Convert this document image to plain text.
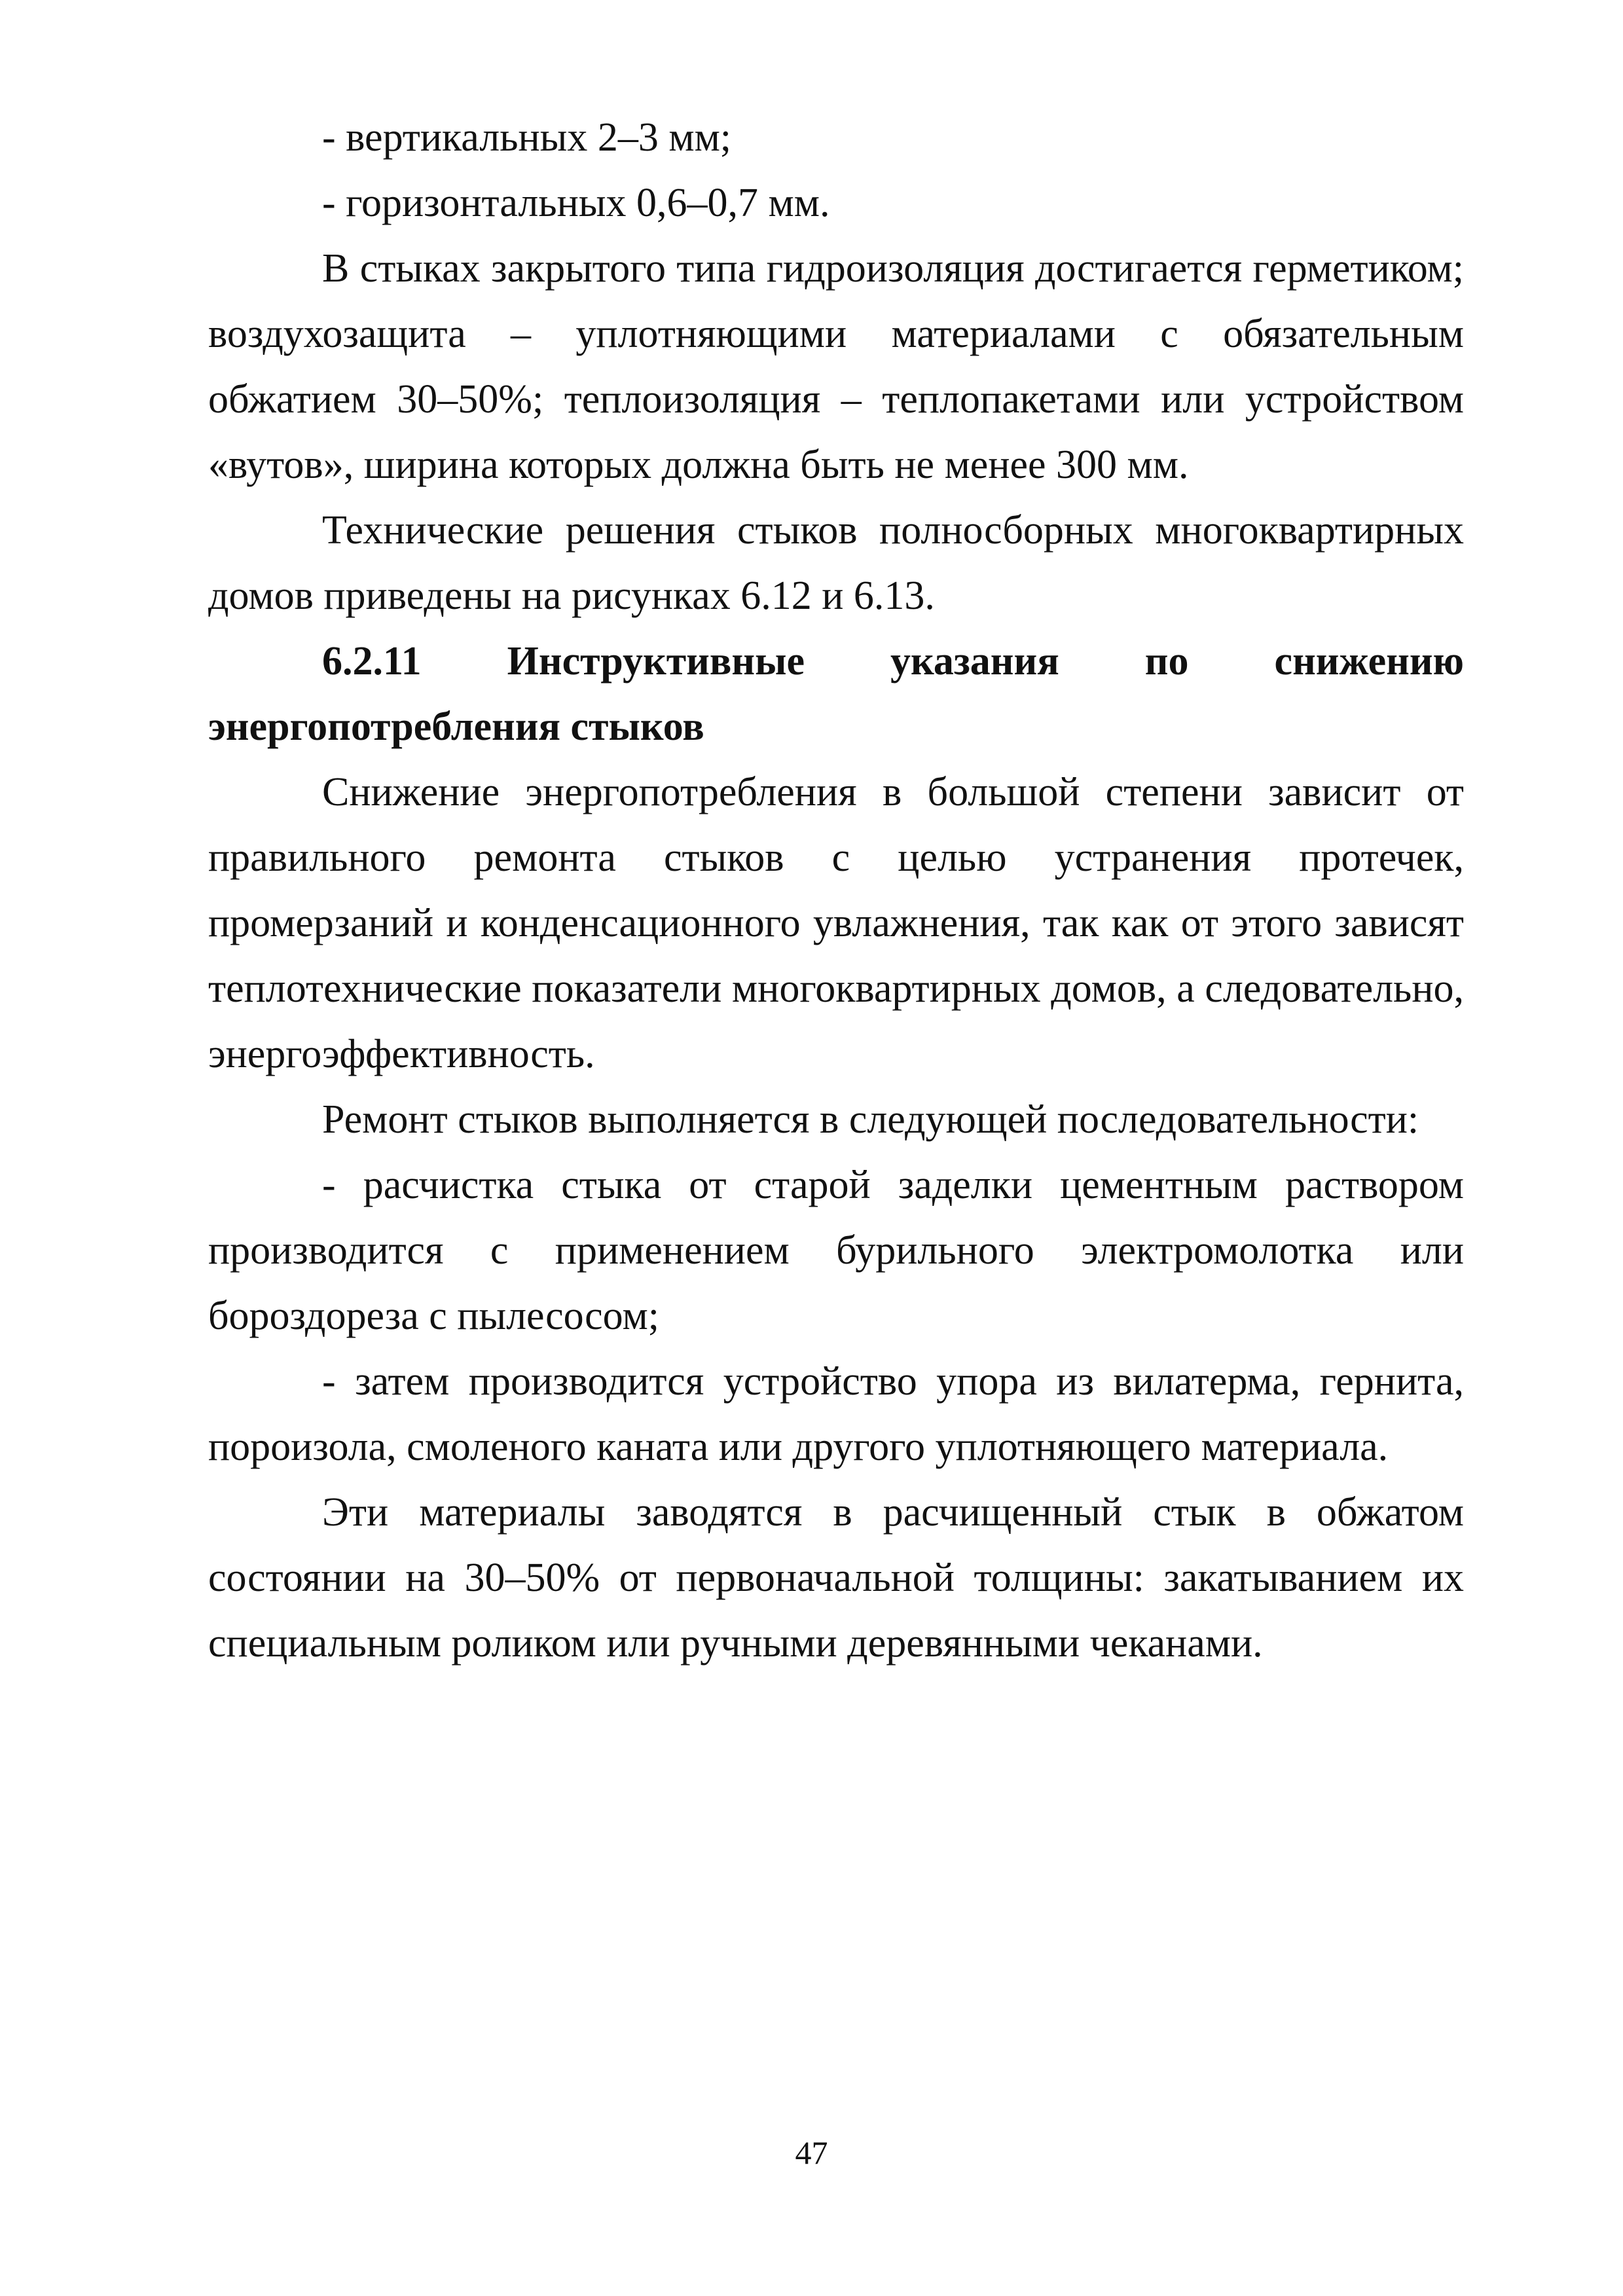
- вертикальных 2–3 мм;

- горизонтальных 0,6–0,7 мм.

В стыках закрытого типа гидроизоляция достигается герметиком; воздухозащита – уплотняющими материалами с обязательным обжатием 30–50%; теплоизоляция – теплопакетами или устройством «вутов», ширина которых должна быть не менее 300 мм.

Технические решения стыков полносборных многоквартирных домов приведены на рисунках 6.12 и 6.13.

6.2.11 Инструктивные указания по снижению энергопотребления стыков

Снижение энергопотребления в большой степени зависит от правильного ремонта стыков с целью устранения протечек, промерзаний и конденсационного увлажнения, так как от этого зависят теплотехнические показатели многоквартирных домов, а следовательно, энергоэффективность.

Ремонт стыков выполняется в следующей последовательности:

- расчистка стыка от старой заделки цементным раствором производится с применением бурильного электромолотка или бороздореза с пылесосом;

- затем производится устройство упора из вилатерма, гернита, пороизола, смоленого каната или другого уплотняющего материала.

Эти материалы заводятся в расчищенный стык в обжатом состоянии на 30–50% от первоначальной толщины: закатыванием их специальным роликом или ручными деревянными чеканами.

47
